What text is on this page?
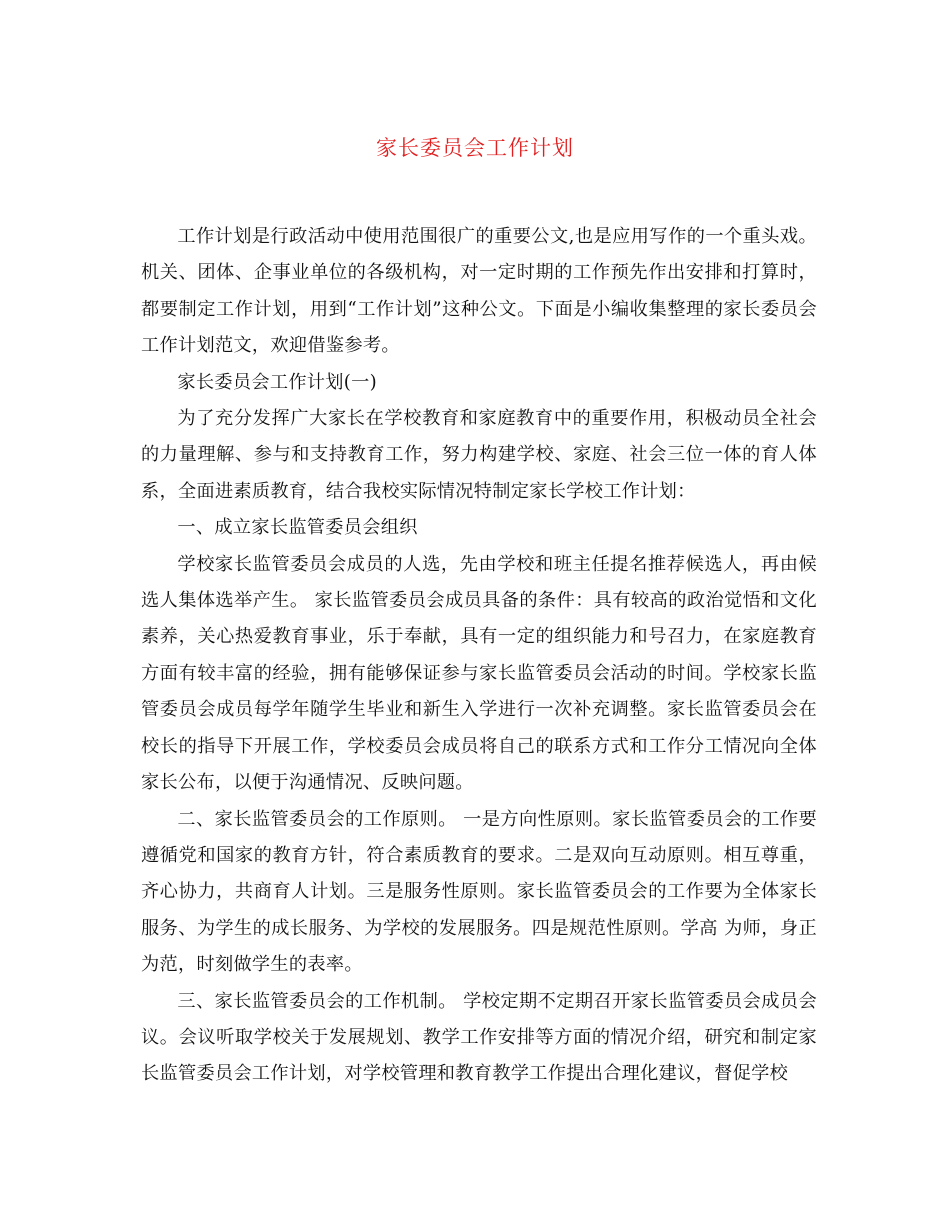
家长委员会工作计划

工作计划是行政活动中使用范围很广的重要公文,也是应用写作的一个重头戏。机关、团体、企事业单位的各级机构，对一定时期的工作预先作出安排和打算时，都要制定工作计划，用到“工作计划”这种公文。下面是小编收集整理的家长委员会工作计划范文，欢迎借鉴参考。

家长委员会工作计划(一)

为了充分发挥广大家长在学校教育和家庭教育中的重要作用，积极动员全社会的力量理解、参与和支持教育工作，努力构建学校、家庭、社会三位一体的育人体系，全面进素质教育，结合我校实际情况特制定家长学校工作计划：

一、成立家长监管委员会组织

学校家长监管委员会成员的人选，先由学校和班主任提名推荐候选人，再由候选人集体选举产生。 家长监管委员会成员具备的条件：具有较高的政治觉悟和文化素养，关心热爱教育事业，乐于奉献，具有一定的组织能力和号召力，在家庭教育方面有较丰富的经验，拥有能够保证参与家长监管委员会活动的时间。学校家长监管委员会成员每学年随学生毕业和新生入学进行一次补充调整。家长监管委员会在校长的指导下开展工作，学校委员会成员将自己的联系方式和工作分工情况向全体家长公布，以便于沟通情况、反映问题。

二、家长监管委员会的工作原则。 一是方向性原则。家长监管委员会的工作要遵循党和国家的教育方针，符合素质教育的要求。二是双向互动原则。相互尊重，齐心协力，共商育人计划。三是服务性原则。家长监管委员会的工作要为全体家长服务、为学生的成长服务、为学校的发展服务。四是规范性原则。学高 为师，身正为范，时刻做学生的表率。

三、家长监管委员会的工作机制。 学校定期不定期召开家长监管委员会成员会议。会议听取学校关于发展规划、教学工作安排等方面的情况介绍，研究和制定家长监管委员会工作计划，对学校管理和教育教学工作提出合理化建议，督促学校
